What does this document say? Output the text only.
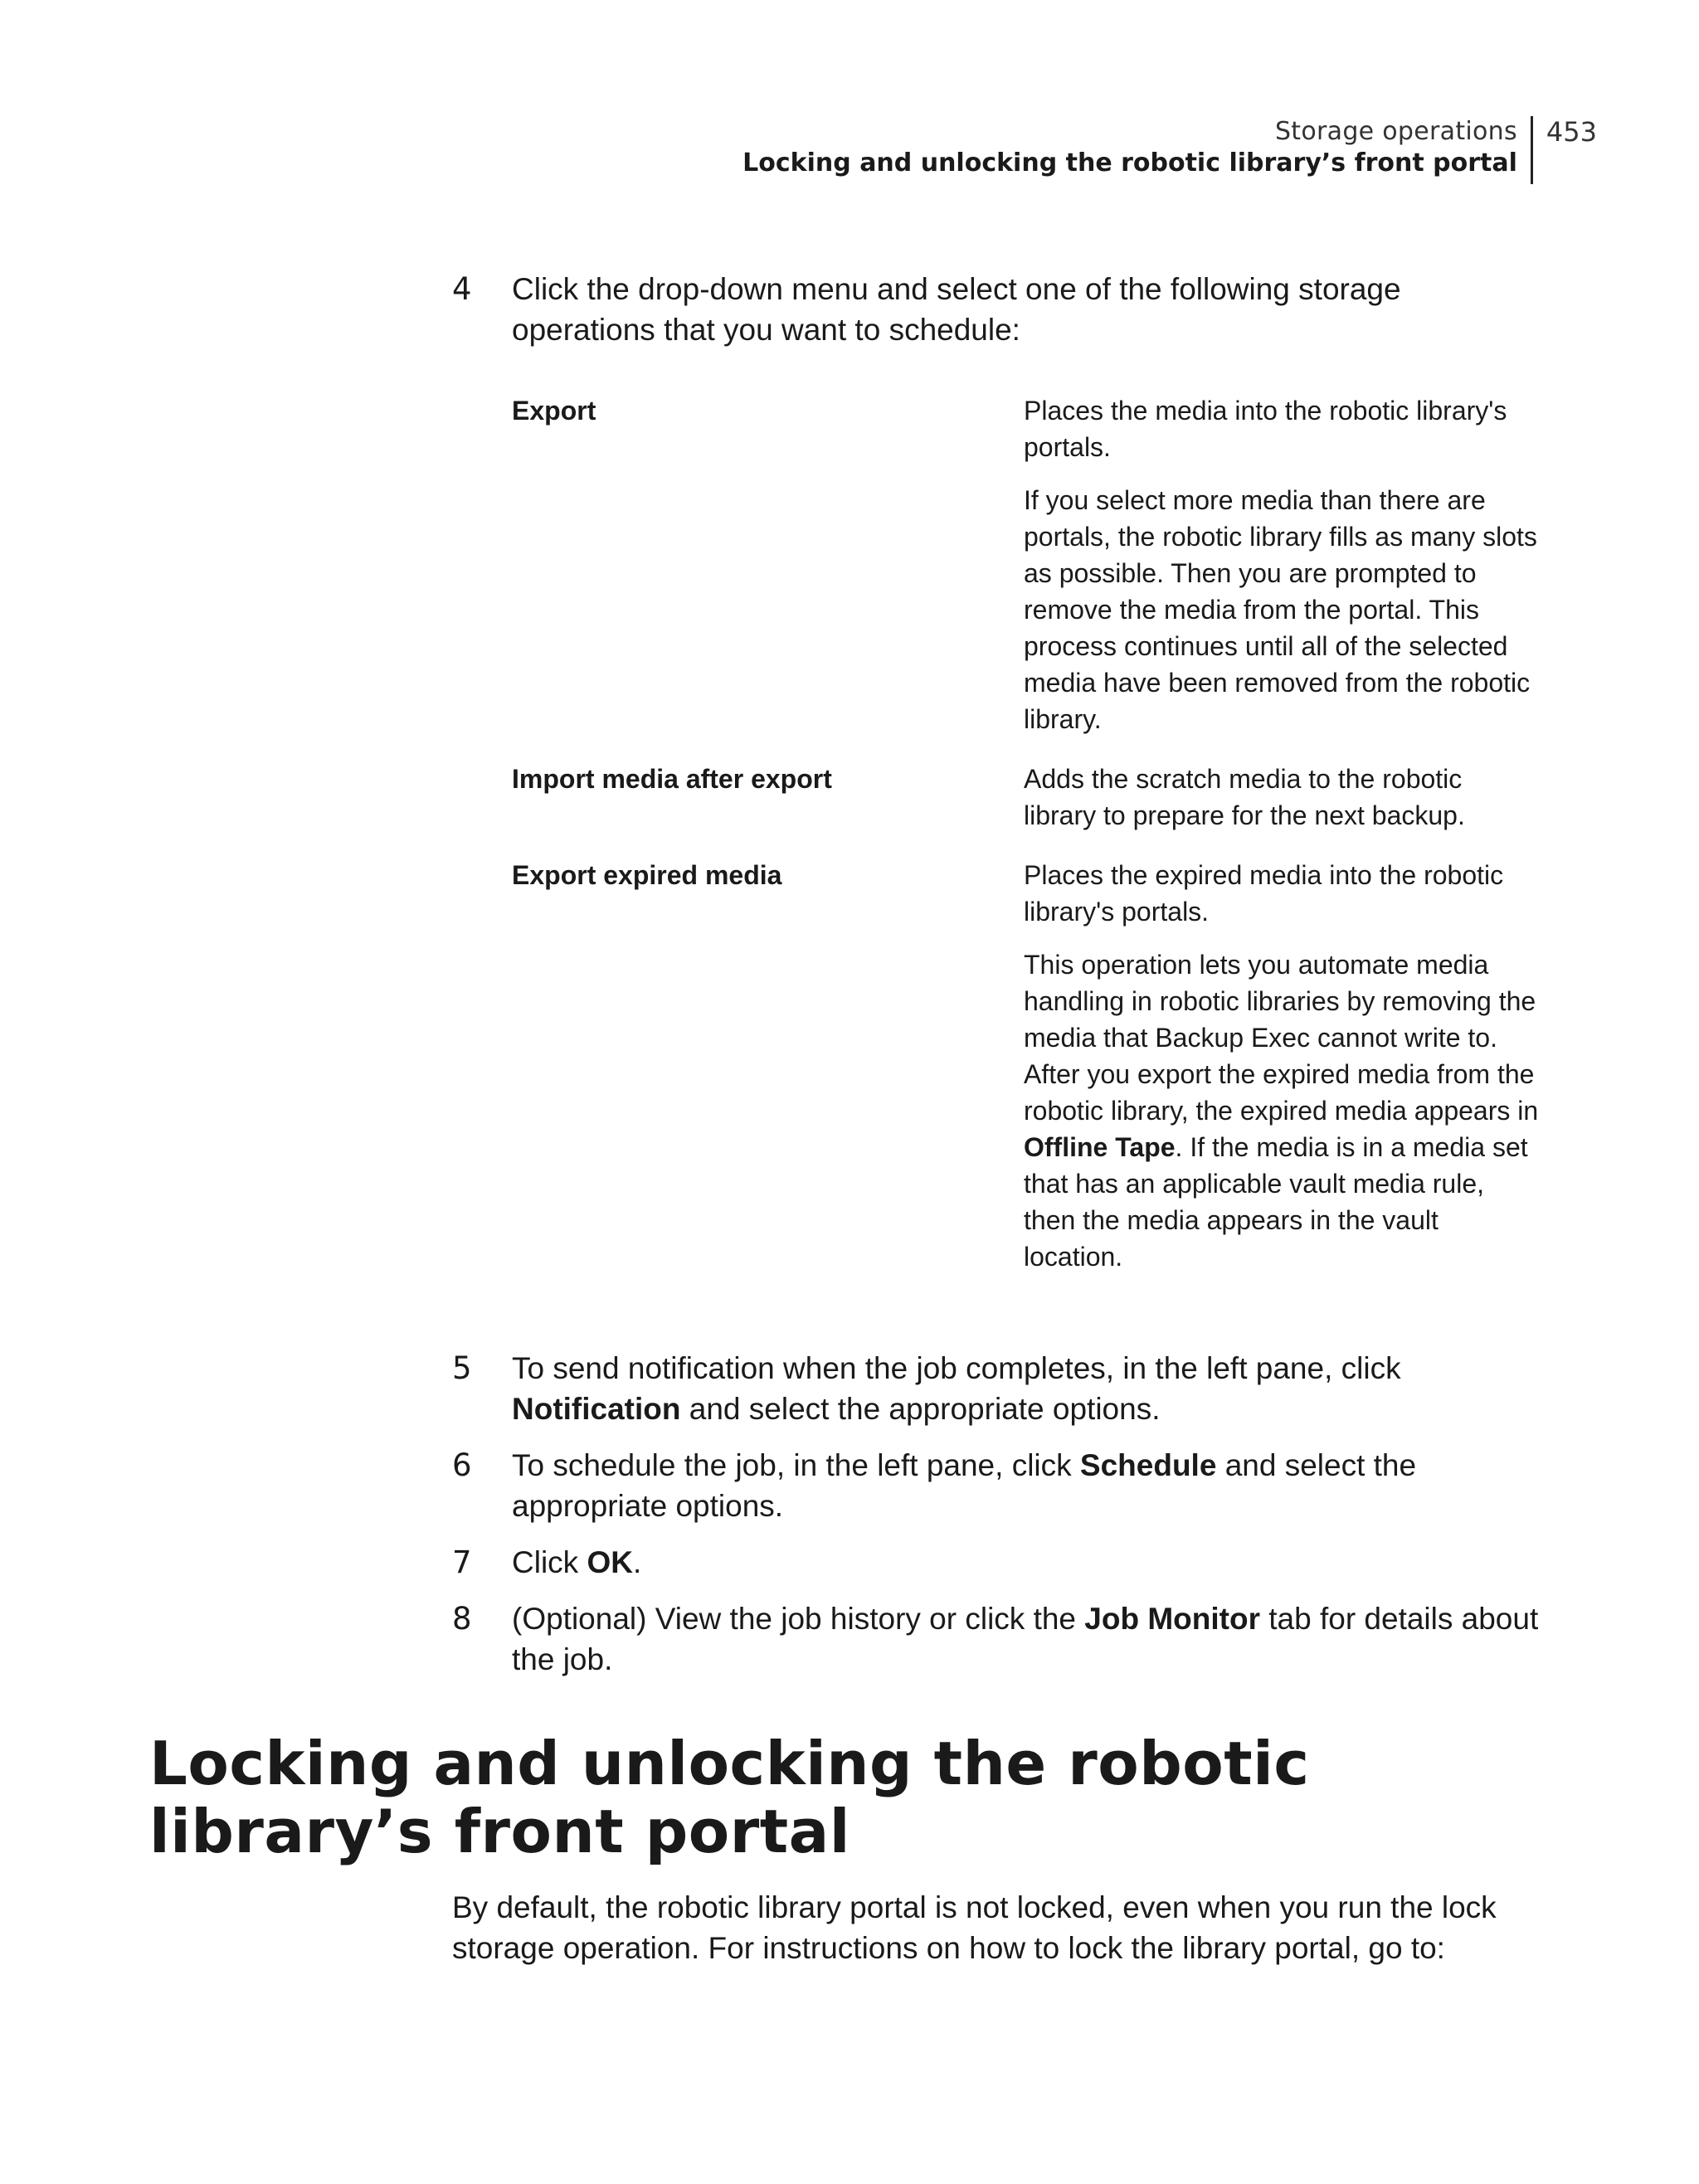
Storage operations
Locking and unlocking the robotic library’s front portal
453
4	Click the drop-down menu and select one of the following storage operations that you want to schedule:
Export	Places the media into the robotic library's portals.

If you select more media than there are portals, the robotic library fills as many slots as possible. Then you are prompted to remove the media from the portal. This process continues until all of the selected media have been removed from the robotic library.

Import media after export	Adds the scratch media to the robotic library to prepare for the next backup.

Export expired media	Places the expired media into the robotic library's portals.

This operation lets you automate media handling in robotic libraries by removing the media that Backup Exec cannot write to. After you export the expired media from the robotic library, the expired media appears in Offline Tape. If the media is in a media set that has an applicable vault media rule, then the media appears in the vault location.

5	To send notification when the job completes, in the left pane, click Notification and select the appropriate options.
6	To schedule the job, in the left pane, click Schedule and select the appropriate options.
7	Click OK.
8	(Optional) View the job history or click the Job Monitor tab for details about the job.
Locking and unlocking the robotic library’s front portal

By default, the robotic library portal is not locked, even when you run the lock storage operation. For instructions on how to lock the library portal, go to:
